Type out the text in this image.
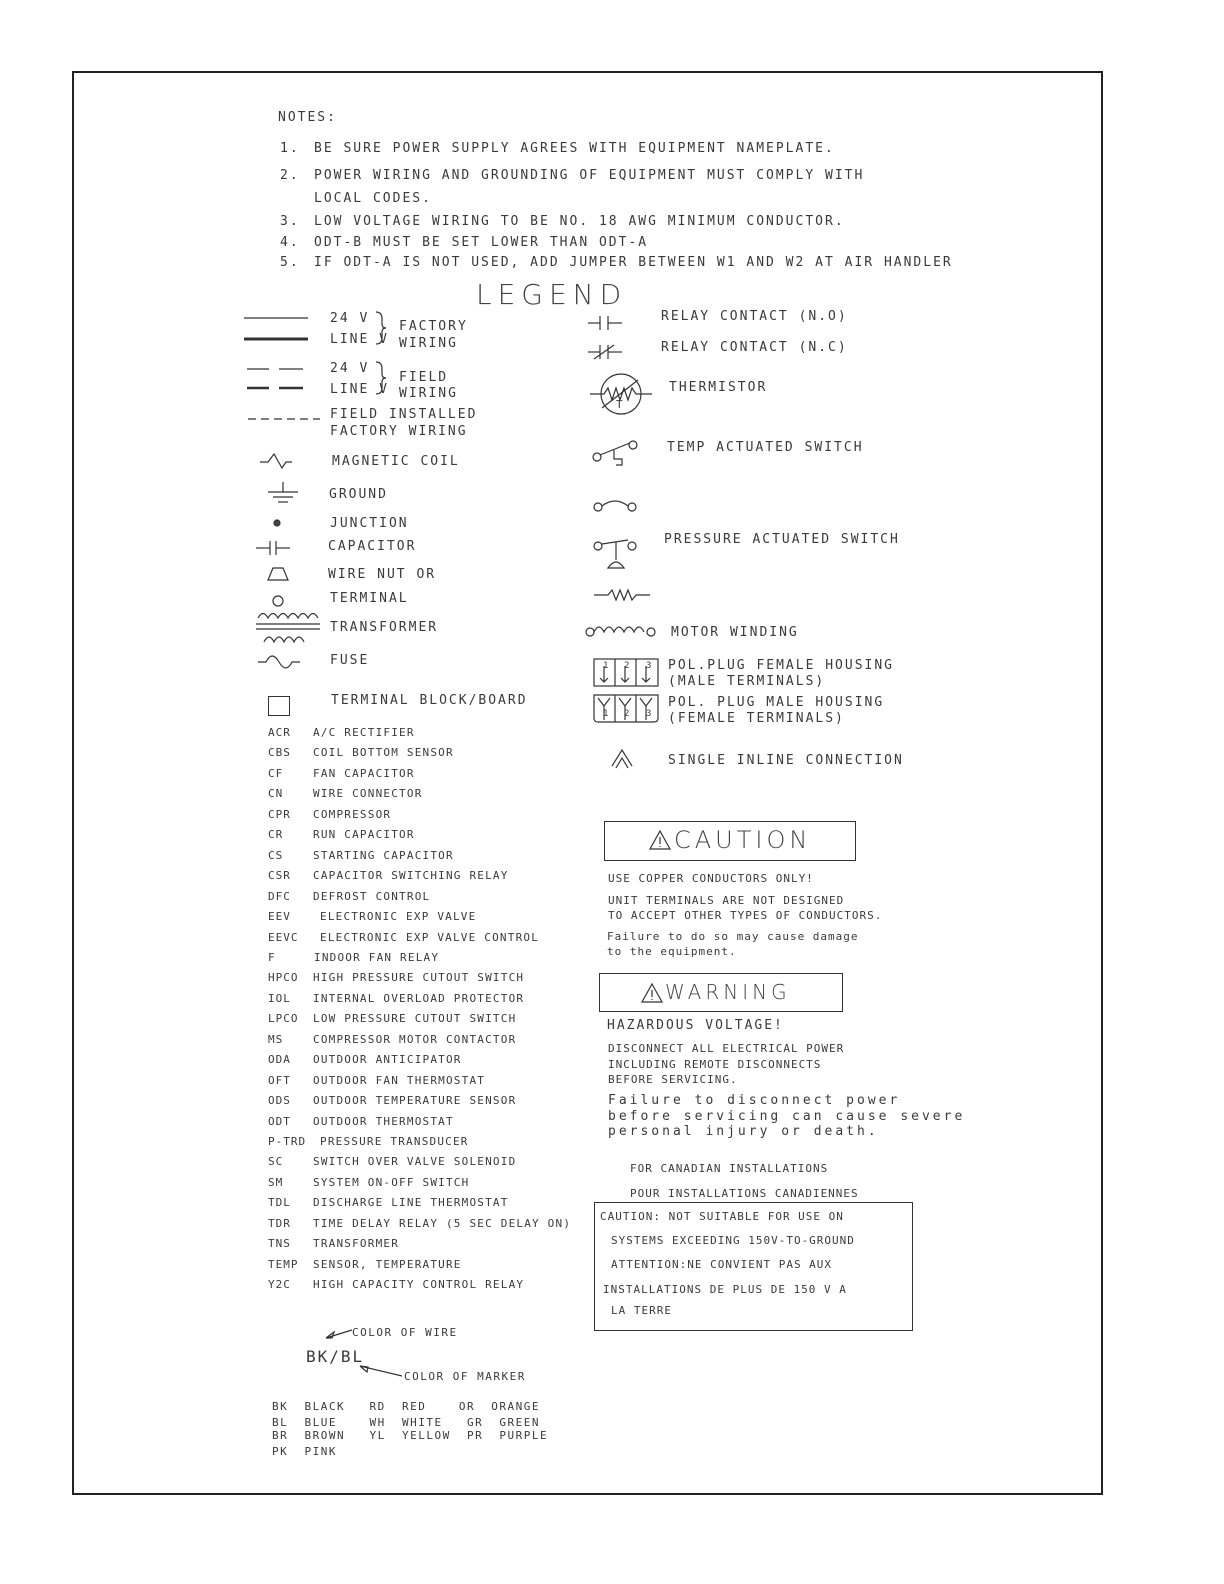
NOTES:
1. BE SURE POWER SUPPLY AGREES WITH EQUIPMENT NAMEPLATE.
2. POWER WIRING AND GROUNDING OF EQUIPMENT MUST COMPLY WITH
LOCAL CODES.
3. LOW VOLTAGE WIRING TO BE NO. 18 AWG MINIMUM CONDUCTOR.
4. ODT-B MUST BE SET LOWER THAN ODT-A
5. IF ODT-A IS NOT USED, ADD JUMPER BETWEEN W1 AND W2 AT AIR HANDLER
LEGEND
24 V
LINE V
FACTORY
WIRING
24 V
LINE V
FIELD
WIRING
FIELD INSTALLED
FACTORY WIRING
MAGNETIC COIL
GROUND
JUNCTION
CAPACITOR
WIRE NUT OR
TERMINAL
TRANSFORMER
FUSE
TERMINAL BLOCK/BOARD
ACR A/C RECTIFIER
CBS COIL BOTTOM SENSOR
CF	FAN CAPACITOR
CN	WIRE CONNECTOR
CPR COMPRESSOR
CR	RUN CAPACITOR
CS	STARTING CAPACITOR
CSR CAPACITOR SWITCHING RELAY
DFC DEFROST CONTROL
EEV	ELECTRONIC EXP VALVE
EEVC ELECTRONIC EXP VALVE CONTROL
F	INDOOR FAN RELAY
HPCO HIGH PRESSURE CUTOUT SWITCH
IOL INTERNAL OVERLOAD PROTECTOR
LPCO LOW PRESSURE CUTOUT SWITCH
MS	COMPRESSOR MOTOR CONTACTOR
ODA OUTDOOR ANTICIPATOR
OFT OUTDOOR FAN THERMOSTAT
ODS OUTDOOR TEMPERATURE SENSOR
ODT OUTDOOR THERMOSTAT
P-TRD PRESSURE TRANSDUCER
SC	SWITCH OVER VALVE SOLENOID
SM	SYSTEM ON-OFF SWITCH
TDL DISCHARGE LINE THERMOSTAT
TDR TIME DELAY RELAY (5 SEC DELAY ON)
TNS TRANSFORMER
TEMP SENSOR, TEMPERATURE
Y2C HIGH CAPACITY CONTROL RELAY
COLOR OF WIRE
BK/BL
COLOR OF MARKER
BK  BLACK   RD  RED    OR  ORANGE
BL  BLUE    WH  WHITE   GR  GREEN
BR  BROWN   YL  YELLOW  PR  PURPLE
PK  PINK
RELAY CONTACT (N.O)
RELAY CONTACT (N.C)
T
THERMISTOR
TEMP ACTUATED SWITCH
PRESSURE ACTUATED SWITCH
MOTOR WINDING
2 3
1	POL.PLUG FEMALE HOUSING
(MALE TERMINALS)
1 2 3
POL. PLUG MALE HOUSING
(FEMALE TERMINALS)
SINGLE INLINE CONNECTION
CAUTION
USE COPPER CONDUCTORS ONLY!
UNIT TERMINALS ARE NOT DESIGNED
TO ACCEPT OTHER TYPES OF CONDUCTORS.
Failure to do so may cause damage
to the equipment.
WARNING
HAZARDOUS VOLTAGE!
DISCONNECT ALL ELECTRICAL POWER
INCLUDING REMOTE DISCONNECTS
BEFORE SERVICING.
Failure to disconnect power
before servicing can cause severe
personal injury or death.
FOR CANADIAN INSTALLATIONS
POUR INSTALLATIONS CANADIENNES
CAUTION: NOT SUITABLE FOR USE ON
SYSTEMS EXCEEDING 150V-TO-GROUND
ATTENTION:NE CONVIENT PAS AUX
INSTALLATIONS DE PLUS DE 150 V A
LA TERRE
